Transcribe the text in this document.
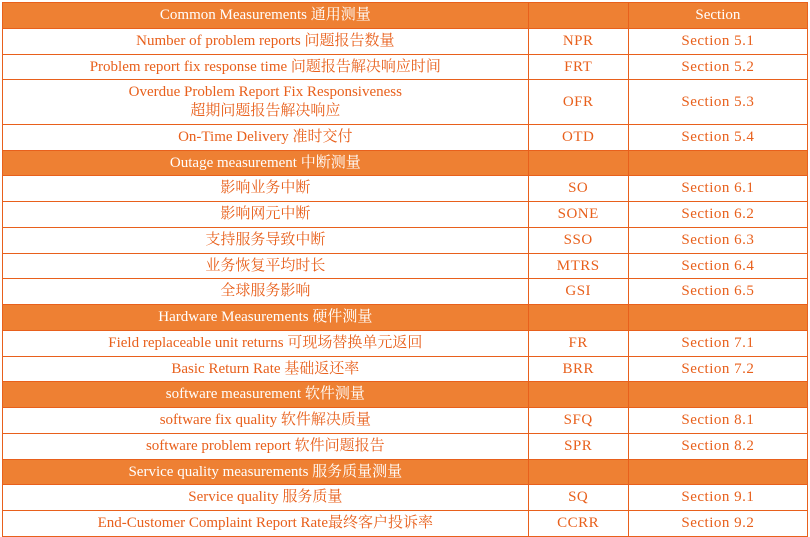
Common Measurements 通用测量		Section
Number of problem reports 问题报告数量	NPR	Section 5.1
Problem report fix response time 问题报告解决响应时间	FRT	Section 5.2

Overdue Problem Report Fix Responsiveness
超期问题报告解决响应	OFR	Section 5.3
On-Time Delivery 准时交付	OTD	Section 5.4
Outage measurement 中断测量		
影响业务中断	SO	Section 6.1
影响网元中断	SONE	Section 6.2
支持服务导致中断	SSO	Section 6.3
业务恢复平均时长	MTRS	Section 6.4
全球服务影响	GSI	Section 6.5
Hardware Measurements 硬件测量		
Field replaceable unit returns 可现场替换单元返回	FR	Section 7.1
Basic Return Rate 基础返还率	BRR	Section 7.2
software measurement 软件测量		
software fix quality 软件解决质量	SFQ	Section 8.1
software problem report 软件问题报告	SPR	Section 8.2
Service quality measurements 服务质量测量		
Service quality 服务质量	SQ	Section 9.1
End-Customer Complaint Report Rate最终客户投诉率	CCRR	Section 9.2
